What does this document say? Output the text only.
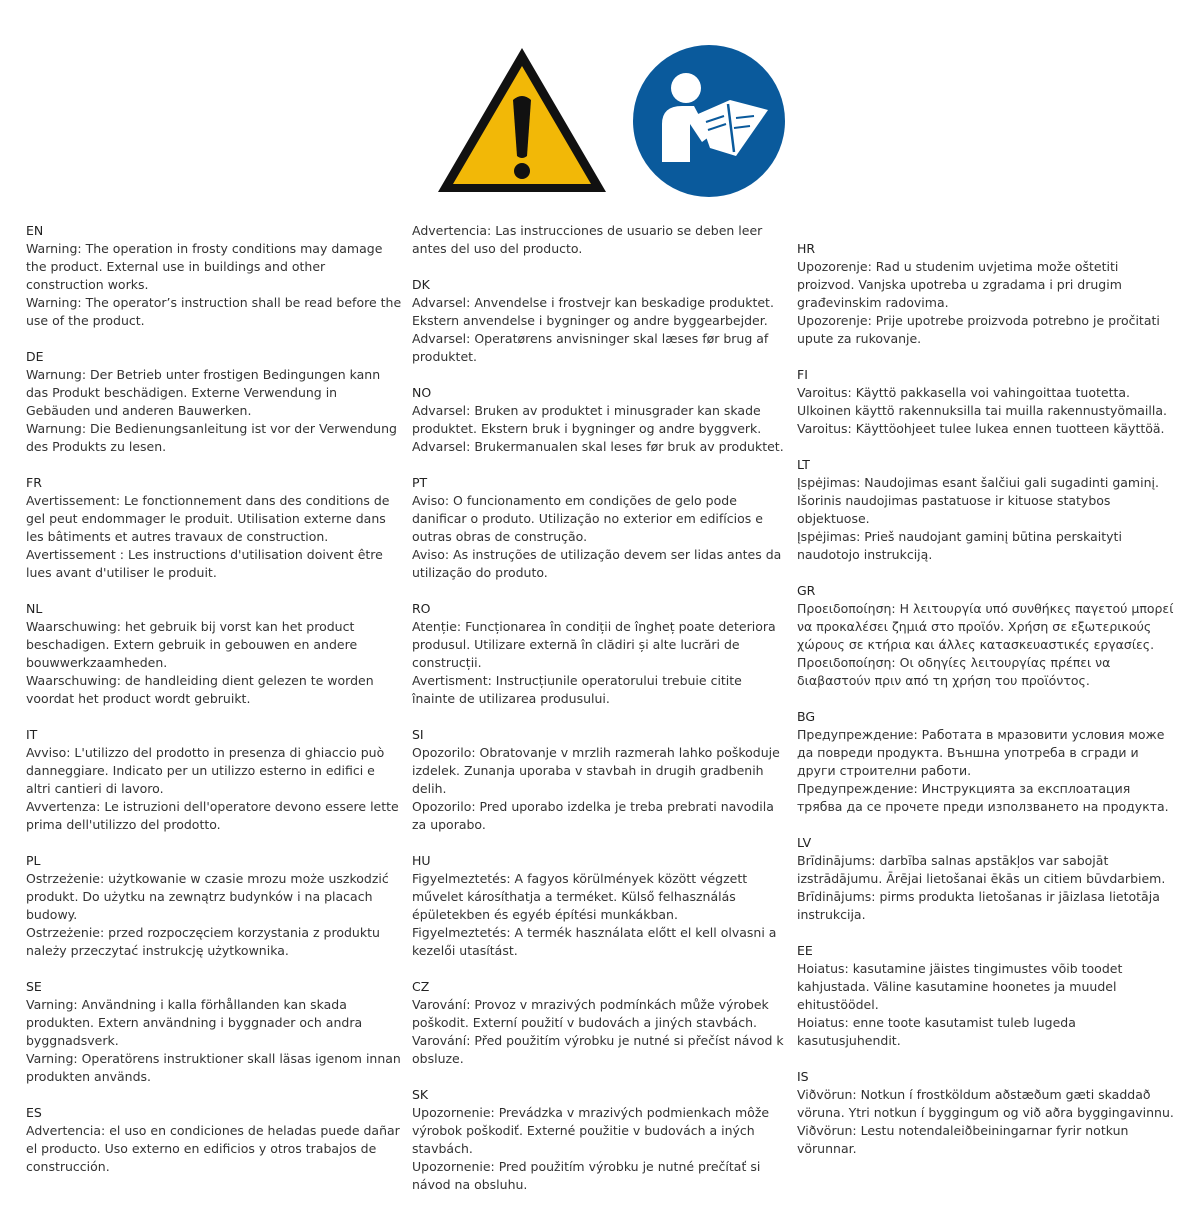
EN
Warning: The operation in frosty conditions may damage the product. External use in buildings and other construction works.
Warning: The operator’s instruction shall be read before the use of the product.
DE
Warnung: Der Betrieb unter frostigen Bedingungen kann das Produkt beschädigen. Externe Verwendung in Gebäuden und anderen Bauwerken.
Warnung: Die Bedienungsanleitung ist vor der Verwendung des Produkts zu lesen.
FR
Avertissement: Le fonctionnement dans des conditions de gel peut endommager le produit. Utilisation externe dans les bâtiments et autres travaux de construction.
Avertissement : Les instructions d'utilisation doivent être lues avant d'utiliser le produit.
NL
Waarschuwing: het gebruik bij vorst kan het product beschadigen. Extern gebruik in gebouwen en andere bouwwerkzaamheden.
Waarschuwing: de handleiding dient gelezen te worden voordat het product wordt gebruikt.
IT
Avviso: L'utilizzo del prodotto in presenza di ghiaccio può danneggiare. Indicato per un utilizzo esterno in edifici e altri cantieri di lavoro.
Avvertenza: Le istruzioni dell'operatore devono essere lette prima dell'utilizzo del prodotto.
PL
Ostrzeżenie: użytkowanie w czasie mrozu może uszkodzić produkt. Do użytku na zewnątrz budynków i na placach budowy.
Ostrzeżenie: przed rozpoczęciem korzystania z produktu należy przeczytać instrukcję użytkownika.
SE
Varning: Användning i kalla förhållanden kan skada produkten. Extern användning i byggnader och andra byggnadsverk.
Varning: Operatörens instruktioner skall läsas igenom innan produkten används.
ES
Advertencia: el uso en condiciones de heladas puede dañar el producto. Uso externo en edificios y otros trabajos de construcción.
Advertencia: Las instrucciones de usuario se deben leer antes del uso del producto.
DK
Advarsel: Anvendelse i frostvejr kan beskadige produktet. Ekstern anvendelse i bygninger og andre byggearbejder.
Advarsel: Operatørens anvisninger skal læses før brug af produktet.
NO
Advarsel: Bruken av produktet i minusgrader kan skade produktet. Ekstern bruk i bygninger og andre byggverk.
Advarsel: Brukermanualen skal leses før bruk av produktet.
PT
Aviso: O funcionamento em condições de gelo pode danificar o produto. Utilização no exterior em edifícios e outras obras de construção.
Aviso: As instruções de utilização devem ser lidas antes da utilização do produto.
RO
Atenție: Funcționarea în condiții de îngheț poate deteriora produsul. Utilizare externă în clădiri și alte lucrări de construcții.
Avertisment: Instrucțiunile operatorului trebuie citite înainte de utilizarea produsului.
SI
Opozorilo: Obratovanje v mrzlih razmerah lahko poškoduje izdelek. Zunanja uporaba v stavbah in drugih gradbenih delih.
Opozorilo: Pred uporabo izdelka je treba prebrati navodila za uporabo.
HU
Figyelmeztetés: A fagyos körülmények között végzett művelet károsíthatja a terméket. Külső felhasználás épületekben és egyéb építési munkákban.
Figyelmeztetés: A termék használata előtt el kell olvasni a kezelői utasítást.
CZ
Varování: Provoz v mrazivých podmínkách může výrobek poškodit. Externí použití v budovách a jiných stavbách.
Varování: Před použitím výrobku je nutné si přečíst návod k obsluze.
SK
Upozornenie: Prevádzka v mrazivých podmienkach môže výrobok poškodiť. Externé použitie v budovách a iných stavbách.
Upozornenie: Pred použitím výrobku je nutné prečítať si návod na obsluhu.
HR
Upozorenje: Rad u studenim uvjetima može oštetiti proizvod. Vanjska upotreba u zgradama i pri drugim građevinskim radovima.
Upozorenje: Prije upotrebe proizvoda potrebno je pročitati upute za rukovanje.
FI
Varoitus: Käyttö pakkasella voi vahingoittaa tuotetta. Ulkoinen käyttö rakennuksilla tai muilla rakennustyömailla.
Varoitus: Käyttöohjeet tulee lukea ennen tuotteen käyttöä.
LT
Įspėjimas: Naudojimas esant šalčiui gali sugadinti gaminį. Išorinis naudojimas pastatuose ir kituose statybos objektuose.
Įspėjimas: Prieš naudojant gaminį būtina perskaityti naudotojo instrukciją.
GR
Προειδοποίηση: Η λειτουργία υπό συνθήκες παγετού μπορεί να προκαλέσει ζημιά στο προϊόν. Χρήση σε εξωτερικούς χώρους σε κτήρια και άλλες κατασκευαστικές εργασίες.
Προειδοποίηση: Οι οδηγίες λειτουργίας πρέπει να διαβαστούν πριν από τη χρήση του προϊόντος.
BG
Предупреждение: Работата в мразовити условия може да повреди продукта. Външна употреба в сгради и други строителни работи.
Предупреждение: Инструкцията за експлоатация трябва да се прочете преди използването на продукта.
LV
Brīdinājums: darbība salnas apstākļos var sabojāt izstrādājumu. Ārējai lietošanai ēkās un citiem būvdarbiem.
Brīdinājums: pirms produkta lietošanas ir jāizlasa lietotāja instrukcija.
EE
Hoiatus: kasutamine jäistes tingimustes võib toodet kahjustada. Väline kasutamine hoonetes ja muudel ehitustöödel.
Hoiatus: enne toote kasutamist tuleb lugeda kasutusjuhendit.
IS
Viðvörun: Notkun í frostköldum aðstæðum gæti skaddað vöruna. Ytri notkun í byggingum og við aðra byggingavinnu.
Viðvörun: Lestu notendaleiðbeiningarnar fyrir notkun vörunnar.
